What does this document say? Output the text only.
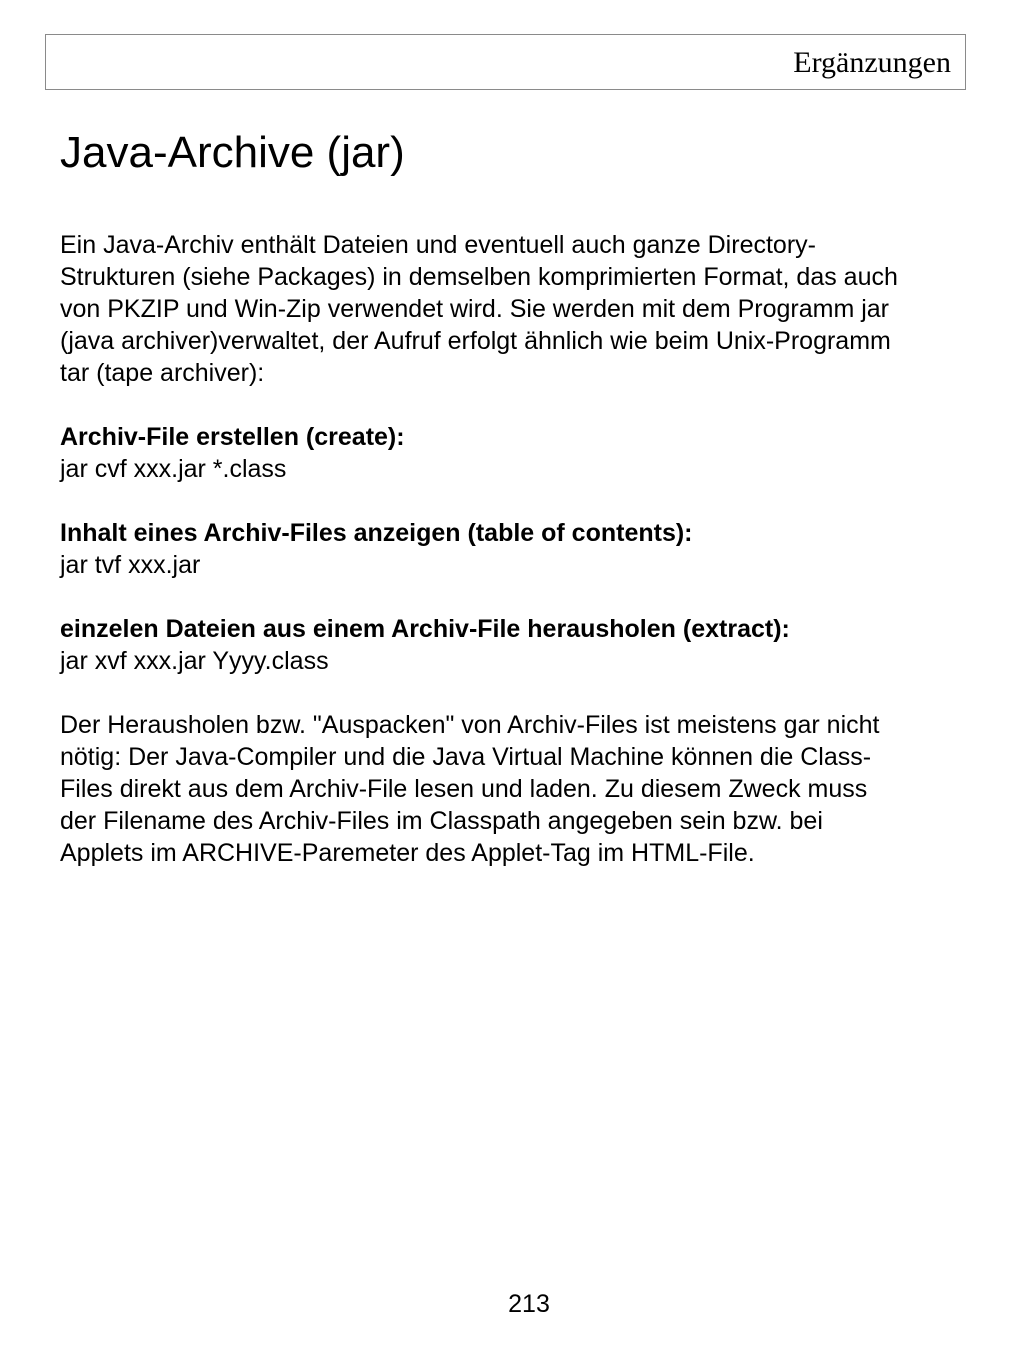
Ergänzungen
Java-Archive (jar)

Ein Java-Archiv enthält Dateien und eventuell auch ganze Directory-
Strukturen (siehe Packages) in demselben komprimierten Format, das auch
von PKZIP und Win-Zip verwendet wird. Sie werden mit dem Programm jar
(java archiver)verwaltet, der Aufruf erfolgt ähnlich wie beim Unix-Programm
tar (tape archiver):

Archiv-File erstellen (create):
jar cvf xxx.jar *.class

Inhalt eines Archiv-Files anzeigen (table of contents):
jar tvf xxx.jar

einzelen Dateien aus einem Archiv-File herausholen (extract):
jar xvf xxx.jar Yyyy.class

Der Herausholen bzw. "Auspacken" von Archiv-Files ist meistens gar nicht
nötig: Der Java-Compiler und die Java Virtual Machine können die Class-
Files direkt aus dem Archiv-File lesen und laden. Zu diesem Zweck muss
der Filename des Archiv-Files im Classpath angegeben sein bzw. bei
Applets im ARCHIVE-Paremeter des Applet-Tag im HTML-File.

213
